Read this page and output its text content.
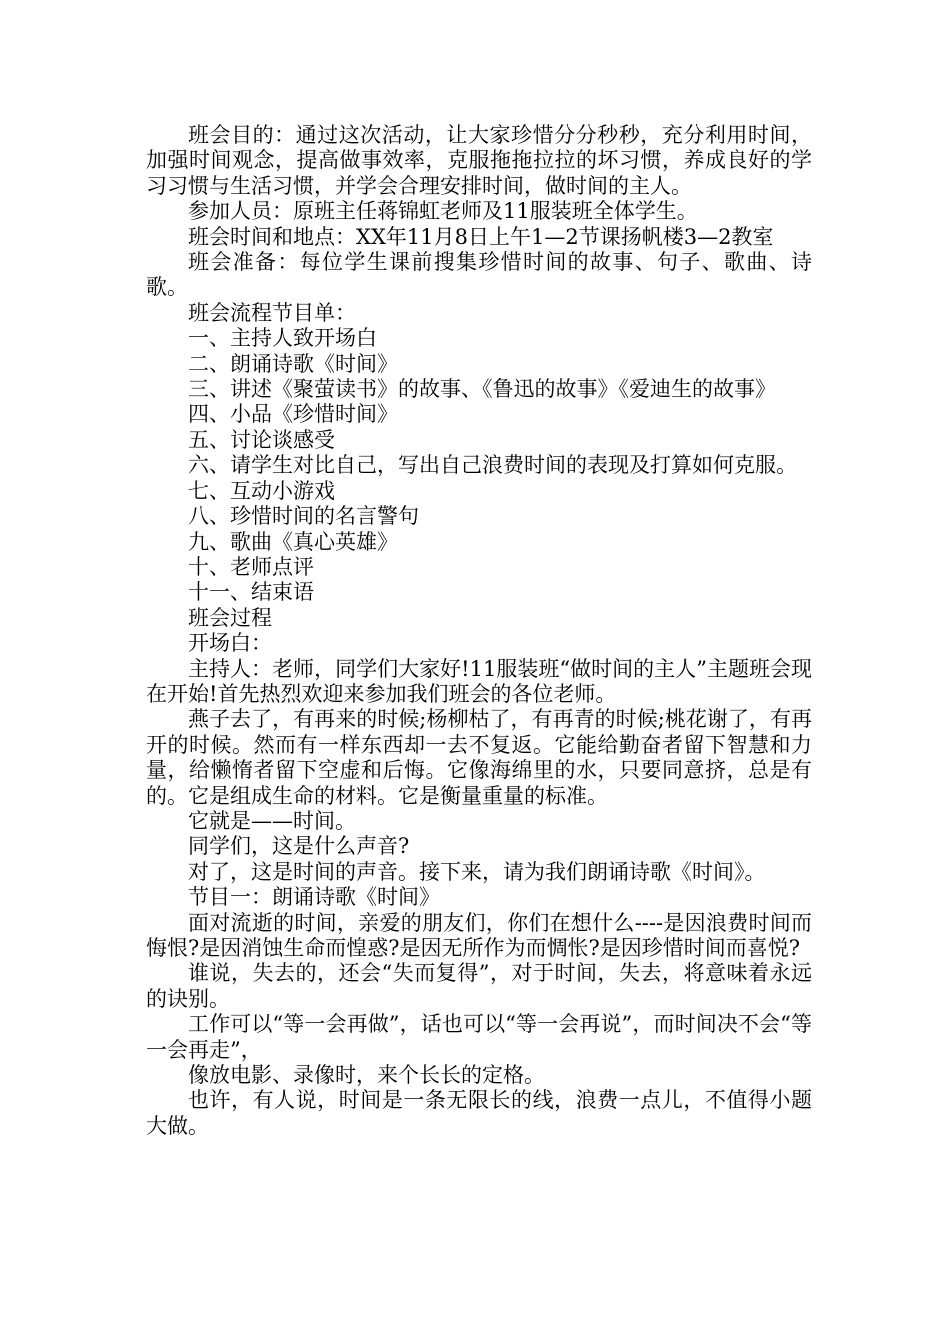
班会目的：通过这次活动，让大家珍惜分分秒秒，充分利用时间，加强时间观念，提高做事效率，克服拖拖拉拉的坏习惯，养成良好的学习习惯与生活习惯，并学会合理安排时间，做时间的主人。

参加人员：原班主任蒋锦虹老师及11服装班全体学生。

班会时间和地点：XX年11月8日上午1—2节课扬帆楼3—2教室

班会准备：每位学生课前搜集珍惜时间的故事、句子、歌曲、诗歌。

班会流程节目单：

一、主持人致开场白

二、朗诵诗歌《时间》

三、讲述《聚萤读书》的故事、《鲁迅的故事》《爱迪生的故事》

四、小品《珍惜时间》

五、讨论谈感受

六、请学生对比自己，写出自己浪费时间的表现及打算如何克服。

七、互动小游戏

八、珍惜时间的名言警句

九、歌曲《真心英雄》

十、老师点评

十一、结束语

班会过程

开场白：

主持人：老师，同学们大家好!11服装班“做时间的主人”主题班会现在开始!首先热烈欢迎来参加我们班会的各位老师。

燕子去了，有再来的时候;杨柳枯了，有再青的时候;桃花谢了，有再开的时候。然而有一样东西却一去不复返。它能给勤奋者留下智慧和力量，给懒惰者留下空虚和后悔。它像海绵里的水，只要同意挤，总是有的。它是组成生命的材料。它是衡量重量的标准。

它就是——时间。

同学们，这是什么声音?

对了，这是时间的声音。接下来，请为我们朗诵诗歌《时间》。

节目一：朗诵诗歌《时间》

面对流逝的时间，亲爱的朋友们，你们在想什么----是因浪费时间而悔恨?是因消蚀生命而惶惑?是因无所作为而惆怅?是因珍惜时间而喜悦?

谁说，失去的，还会“失而复得”，对于时间，失去，将意味着永远的诀别。

工作可以“等一会再做”，话也可以“等一会再说”，而时间决不会“等一会再走”，

像放电影、录像时，来个长长的定格。

也许，有人说，时间是一条无限长的线，浪费一点儿，不值得小题大做。
